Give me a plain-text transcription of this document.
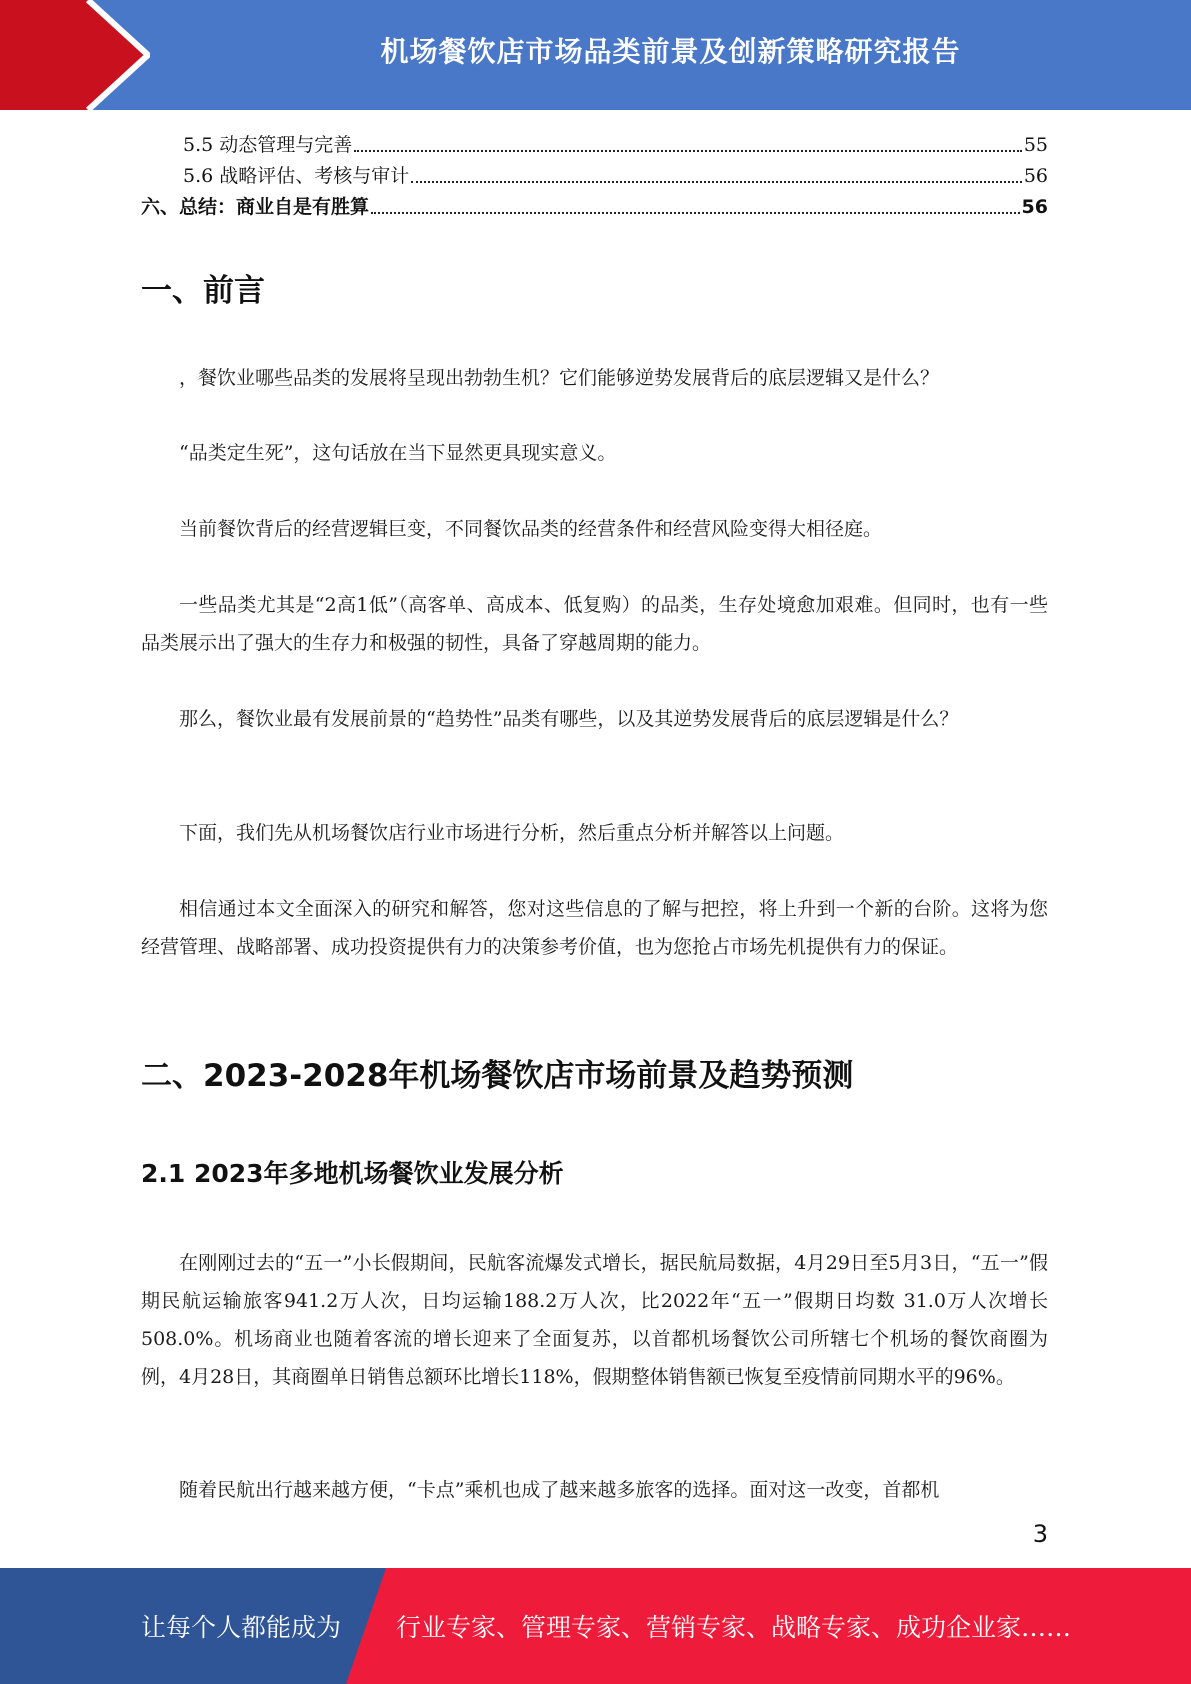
机场餐饮店市场品类前景及创新策略研究报告
5.5 动态管理与完善	55
5.6 战略评估、考核与审计	56
六、总结：商业自是有胜算	56
一、前言
，餐饮业哪些品类的发展将呈现出勃勃生机？它们能够逆势发展背后的底层逻辑又是什么？
“品类定生死”，这句话放在当下显然更具现实意义。
当前餐饮背后的经营逻辑巨变，不同餐饮品类的经营条件和经营风险变得大相径庭。
一些品类尤其是“2高1低”（高客单、高成本、低复购）的品类，生存处境愈加艰难。但同时，也有一些品类展示出了强大的生存力和极强的韧性，具备了穿越周期的能力。
那么，餐饮业最有发展前景的“趋势性”品类有哪些，以及其逆势发展背后的底层逻辑是什么？
下面，我们先从机场餐饮店行业市场进行分析，然后重点分析并解答以上问题。
相信通过本文全面深入的研究和解答，您对这些信息的了解与把控，将上升到一个新的台阶。这将为您经营管理、战略部署、成功投资提供有力的决策参考价值，也为您抢占市场先机提供有力的保证。
二、2023-2028年机场餐饮店市场前景及趋势预测
2.1 2023年多地机场餐饮业发展分析
在刚刚过去的“五一”小长假期间，民航客流爆发式增长，据民航局数据，4月29日至5月3日，“五一”假期民航运输旅客941.2万人次，日均运输188.2万人次，比2022年“五一”假期日均数 31.0万人次增长508.0%。机场商业也随着客流的增长迎来了全面复苏，以首都机场餐饮公司所辖七个机场的餐饮商圈为例，4月28日，其商圈单日销售总额环比增长118%，假期整体销售额已恢复至疫情前同期水平的96%。
随着民航出行越来越方便，“卡点”乘机也成了越来越多旅客的选择。面对这一改变，首都机
3
让每个人都能成为 行业专家、管理专家、营销专家、战略专家、成功企业家……
